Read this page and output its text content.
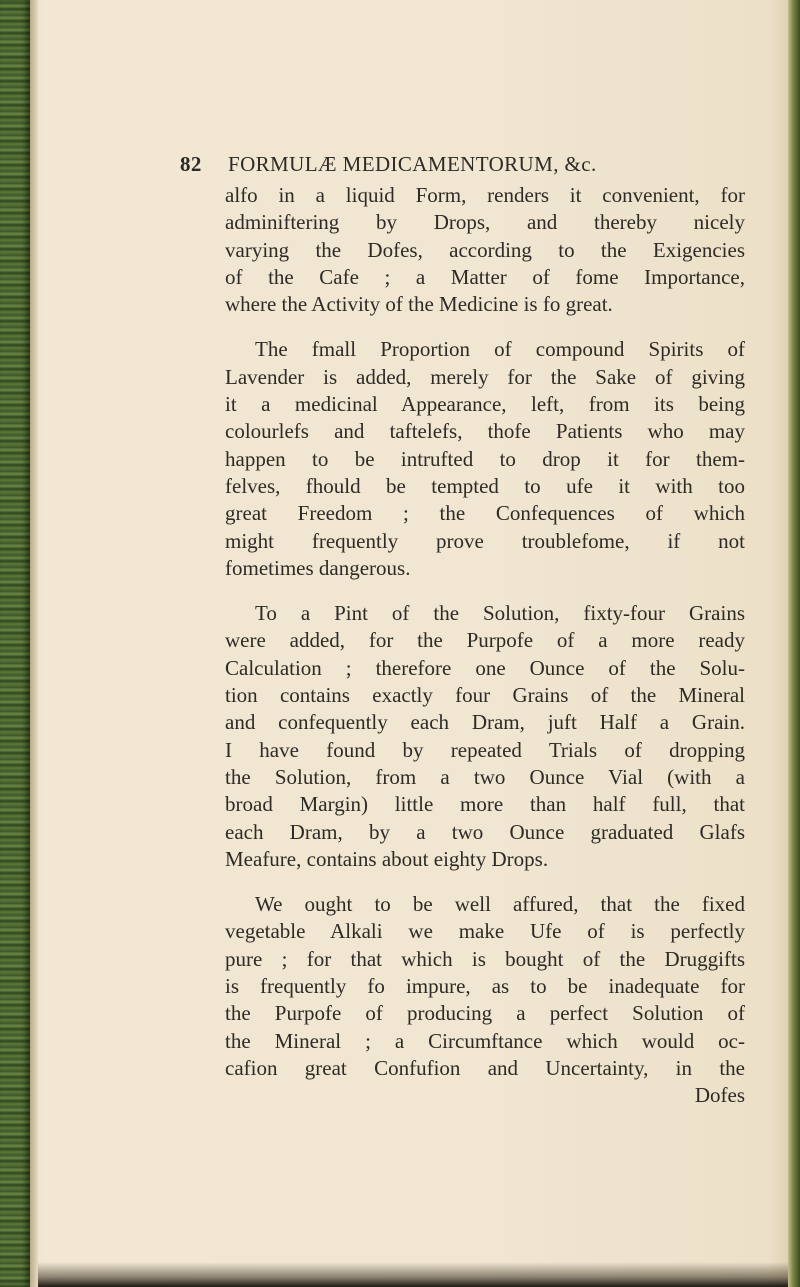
82 FORMULÆ MEDICAMENTORUM, &c.
alfo in a liquid Form, renders it convenient, for
adminiftering by Drops, and thereby nicely
varying the Dofes, according to the Exigencies
of the Cafe ; a Matter of fome Importance,
where the Activity of the Medicine is fo great.
The fmall Proportion of compound Spirits of
Lavender is added, merely for the Sake of giving
it a medicinal Appearance, left, from its being
colourlefs and taftelefs, thofe Patients who may
happen to be intrufted to drop it for them-
felves, fhould be tempted to ufe it with too
great Freedom ; the Confequences of which
might frequently prove troublefome, if not
fometimes dangerous.
To a Pint of the Solution, fixty-four Grains
were added, for the Purpofe of a more ready
Calculation ; therefore one Ounce of the Solu-
tion contains exactly four Grains of the Mineral
and confequently each Dram, juft Half a Grain.
I have found by repeated Trials of dropping
the Solution, from a two Ounce Vial (with a
broad Margin) little more than half full, that
each Dram, by a two Ounce graduated Glafs
Meafure, contains about eighty Drops.
We ought to be well affured, that the fixed
vegetable Alkali we make Ufe of is perfectly
pure ; for that which is bought of the Druggifts
is frequently fo impure, as to be inadequate for
the Purpofe of producing a perfect Solution of
the Mineral ; a Circumftance which would oc-
cafion great Confufion and Uncertainty, in the
Dofes
